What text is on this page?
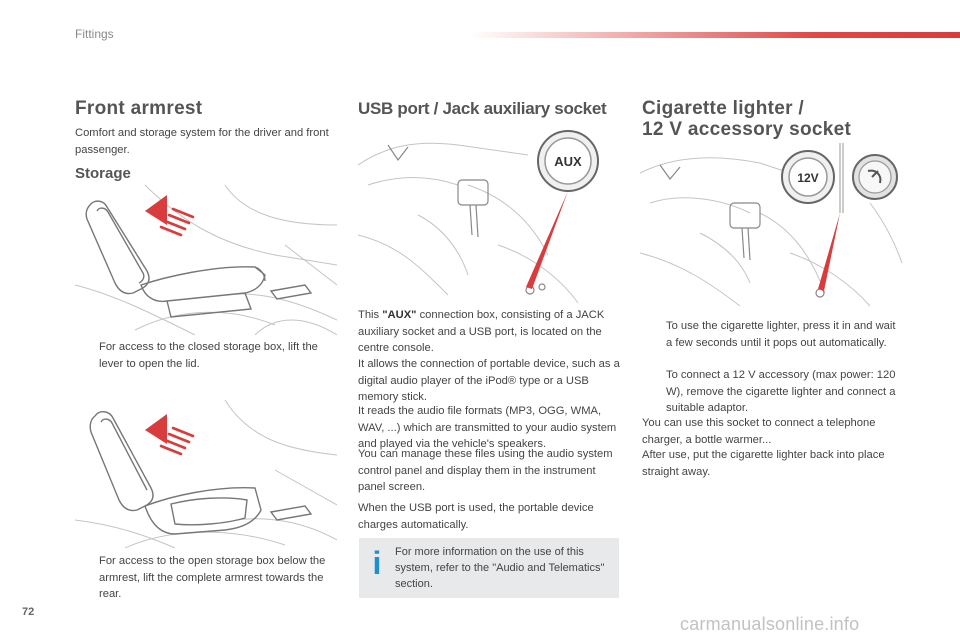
Fittings
Front armrest
Comfort and storage system for the driver and front passenger.
Storage
For access to the closed storage box, lift the lever to open the lid.
For access to the open storage box below the armrest, lift the complete armrest towards the rear.
USB port / Jack auxiliary socket
AUX
This "AUX" connection box, consisting of a JACK auxiliary socket and a USB port, is located on the centre console.
It allows the connection of portable device, such as a digital audio player of the iPod® type or a USB memory stick.
It reads the audio file formats (MP3, OGG, WMA, WAV, ...) which are transmitted to your audio system and played via the vehicle's speakers.
You can manage these files using the audio system control panel and display them in the instrument panel screen.
When the USB port is used, the portable device charges automatically.
i For more information on the use of this system, refer to the "Audio and Telematics" section.
Cigarette lighter /
12 V accessory socket
12V
To use the cigarette lighter, press it in and wait a few seconds until it pops out automatically.
To connect a 12 V accessory (max power: 120 W), remove the cigarette lighter and connect a suitable adaptor.
You can use this socket to connect a telephone charger, a bottle warmer...
After use, put the cigarette lighter back into place straight away.
72
carmanualsonline.info
